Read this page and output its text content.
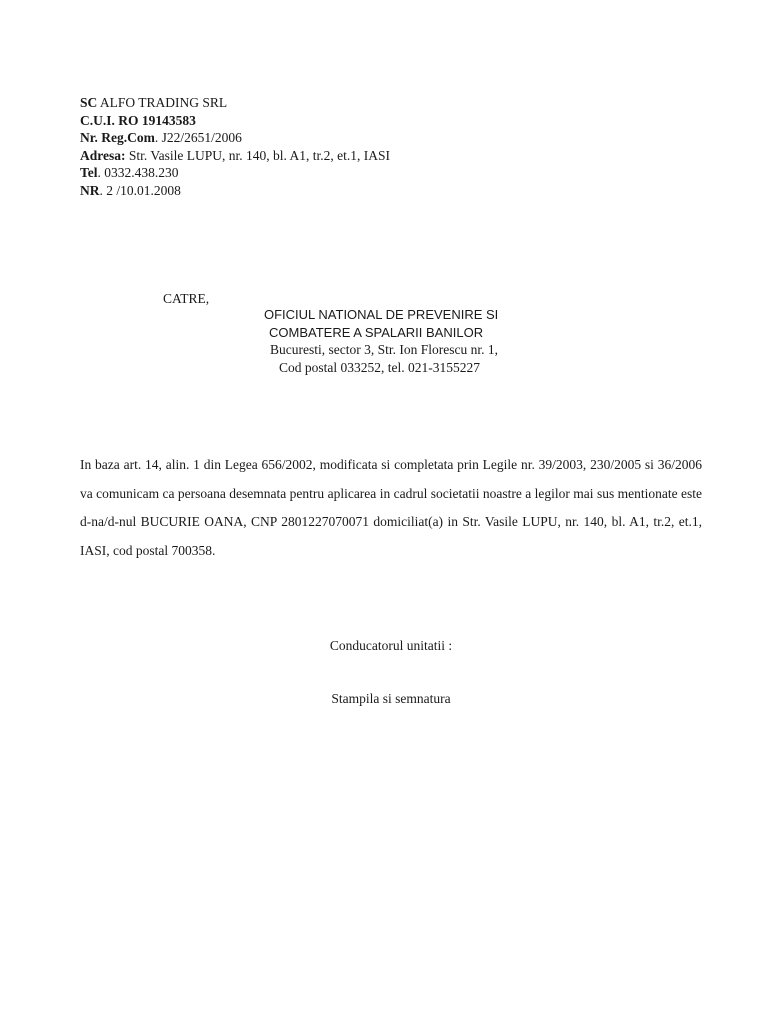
SC ALFO TRADING SRL
C.U.I. RO 19143583
Nr. Reg.Com. J22/2651/2006
Adresa: Str. Vasile LUPU, nr. 140, bl. A1, tr.2, et.1, IASI
Tel. 0332.438.230
NR. 2 /10.01.2008
CATRE,
OFICIUL NATIONAL DE PREVENIRE SI
COMBATERE A SPALARII BANILOR
Bucuresti, sector 3, Str. Ion Florescu nr. 1,
Cod postal 033252, tel. 021-3155227
In baza art. 14, alin. 1 din Legea 656/2002, modificata si completata prin Legile nr. 39/2003, 230/2005 si 36/2006 va comunicam ca persoana desemnata pentru aplicarea in cadrul societatii noastre a legilor mai sus mentionate este d-na/d-nul BUCURIE OANA, CNP 2801227070071 domiciliat(a) in Str. Vasile LUPU, nr. 140, bl. A1, tr.2, et.1, IASI, cod postal 700358.
Conducatorul unitatii :
Stampila si semnatura
